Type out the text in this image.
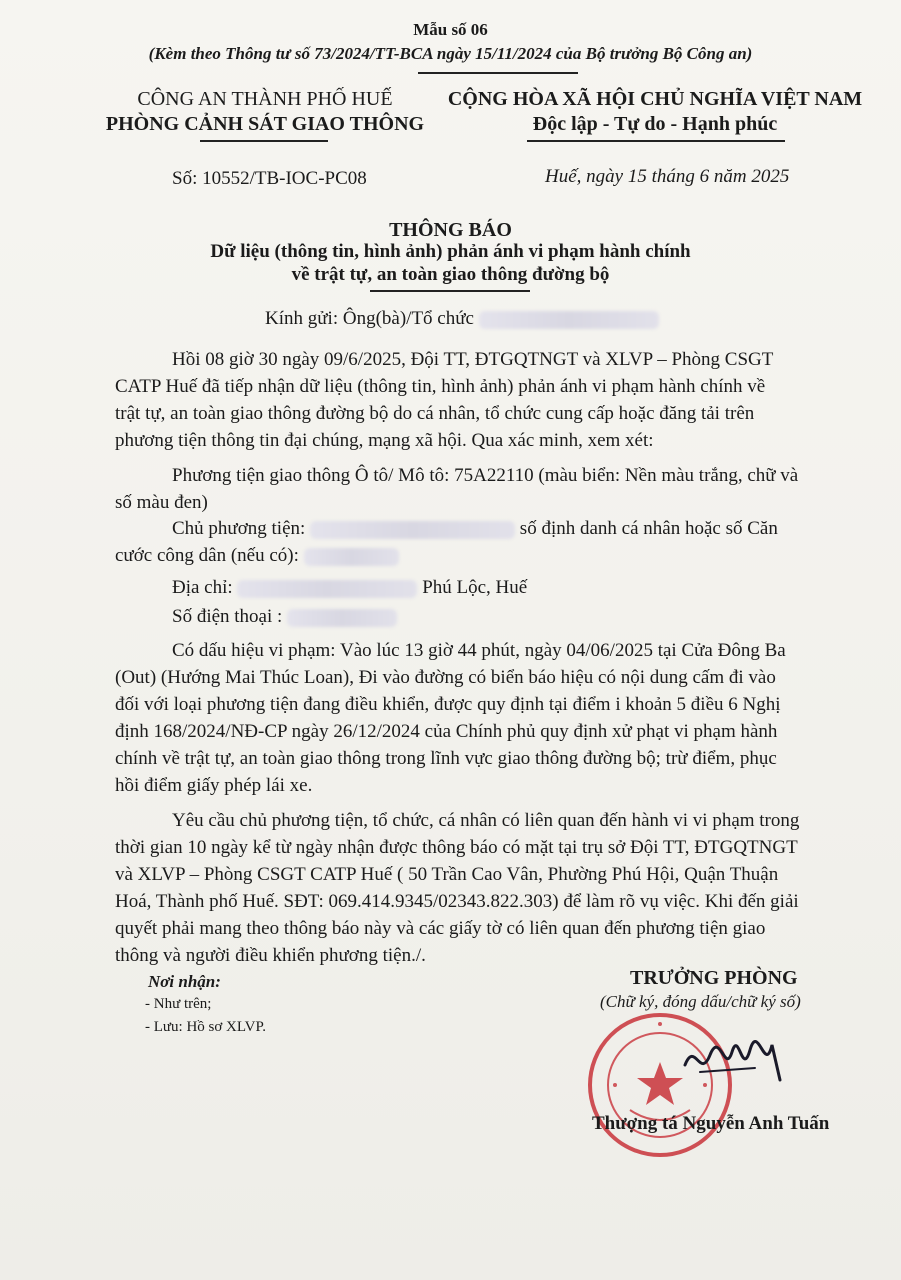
Mẫu số 06
(Kèm theo Thông tư số 73/2024/TT-BCA ngày 15/11/2024 của Bộ trưởng Bộ Công an)
CÔNG AN THÀNH PHỐ HUẾ
PHÒNG CẢNH SÁT GIAO THÔNG
CỘNG HÒA XÃ HỘI CHỦ NGHĨA VIỆT NAM
Độc lập - Tự do - Hạnh phúc
Số: 10552/TB-IOC-PC08	Huế, ngày 15 tháng 6 năm 2025
THÔNG BÁO
Dữ liệu (thông tin, hình ảnh) phản ánh vi phạm hành chính
về trật tự, an toàn giao thông đường bộ
Kính gửi: Ông(bà)/Tổ chức
Hồi 08 giờ 30 ngày 09/6/2025, Đội TT, ĐTGQTNGT và XLVP – Phòng CSGT
CATP Huế đã tiếp nhận dữ liệu (thông tin, hình ảnh) phản ánh vi phạm hành chính về
trật tự, an toàn giao thông đường bộ do cá nhân, tổ chức cung cấp hoặc đăng tải trên
phương tiện thông tin đại chúng, mạng xã hội. Qua xác minh, xem xét:
Phương tiện giao thông Ô tô/ Mô tô: 75A22110 (màu biển: Nền màu trắng, chữ và
số màu đen)
Chủ phương tiện:	số định danh cá nhân hoặc số Căn
cước công dân (nếu có):
Địa chỉ:	Phú Lộc, Huế
Số điện thoại :
Có dấu hiệu vi phạm: Vào lúc 13 giờ 44 phút, ngày 04/06/2025 tại Cửa Đông Ba
(Out) (Hướng Mai Thúc Loan), Đi vào đường có biển báo hiệu có nội dung cấm đi vào
đối với loại phương tiện đang điều khiển, được quy định tại điểm i khoản 5 điều 6 Nghị
định 168/2024/NĐ-CP ngày 26/12/2024 của Chính phủ quy định xử phạt vi phạm hành
chính về trật tự, an toàn giao thông trong lĩnh vực giao thông đường bộ; trừ điểm, phục
hồi điểm giấy phép lái xe.
Yêu cầu chủ phương tiện, tổ chức, cá nhân có liên quan đến hành vi vi phạm trong
thời gian 10 ngày kể từ ngày nhận được thông báo có mặt tại trụ sở Đội TT, ĐTGQTNGT
và XLVP – Phòng CSGT CATP Huế ( 50 Trần Cao Vân, Phường Phú Hội, Quận Thuận
Hoá, Thành phố Huế. SĐT: 069.414.9345/02343.822.303) để làm rõ vụ việc. Khi đến giải
quyết phải mang theo thông báo này và các giấy tờ có liên quan đến phương tiện giao
thông và người điều khiển phương tiện./.
Nơi nhận:
- Như trên;
- Lưu: Hồ sơ XLVP.
TRƯỞNG PHÒNG
(Chữ ký, đóng dấu/chữ ký số)
Thượng tá Nguyễn Anh Tuấn
